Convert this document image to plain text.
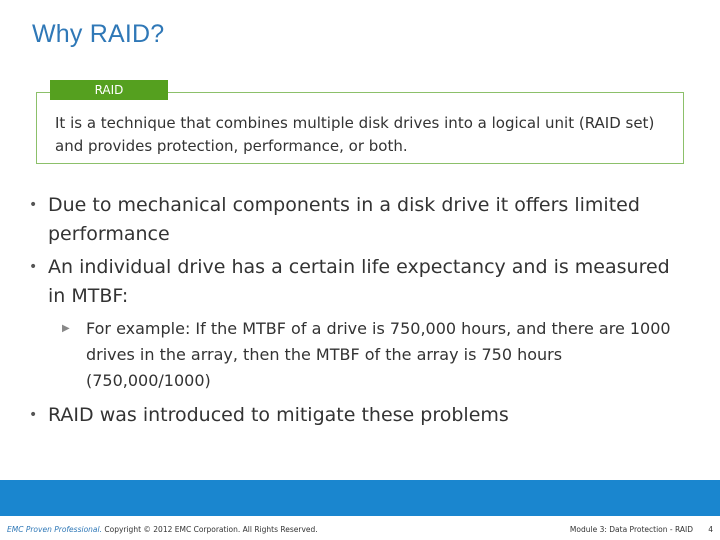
Why RAID?
RAID
It is a technique that combines multiple disk drives into a logical unit (RAID set) and provides protection, performance, or both.
• Due to mechanical components in a disk drive it offers limited performance
• An individual drive has a certain life expectancy and is measured in MTBF:
▶ For example: If the MTBF of a drive is 750,000 hours, and there are 1000 drives in the array, then the MTBF of the array is 750 hours (750,000/1000)
• RAID was introduced to mitigate these problems
EMC Proven Professional. Copyright © 2012 EMC Corporation. All Rights Reserved.	Module 3: Data Protection - RAID 4
